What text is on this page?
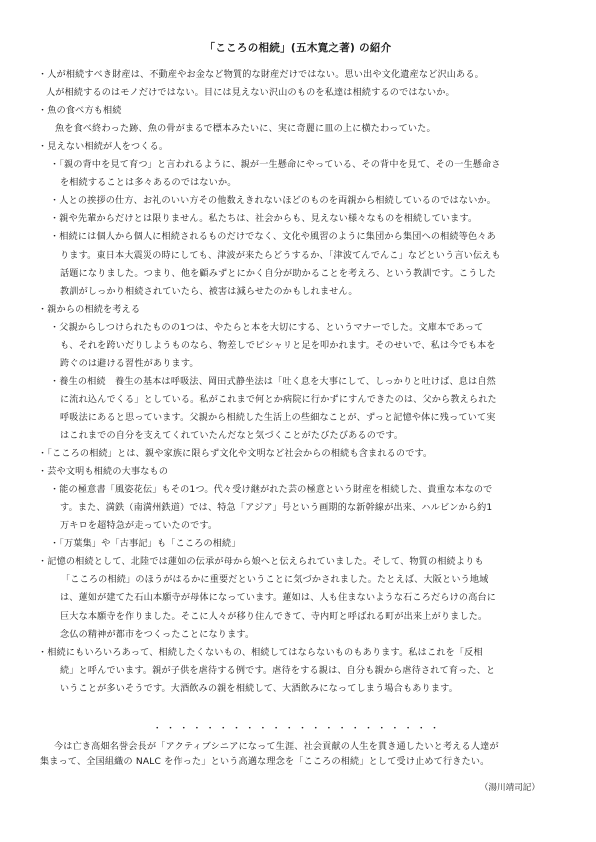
「こころの相続」(五木寛之著) の紹介
・人が相続すべき財産は、不動産やお金など物質的な財産だけではない。思い出や文化遺産など沢山ある。
人が相続するのはモノだけではない。目には見えない沢山のものを私達は相続するのではないか。
・魚の食べ方も相続
魚を食べ終わった跡、魚の骨がまるで標本みたいに、実に奇麗に皿の上に横たわっていた。
・見えない相続が人をつくる。
・「親の背中を見て育つ」と言われるように、親が一生懸命にやっている、その背中を見て、その一生懸命さ
を相続することは多々あるのではないか。
・人との挨拶の仕方、お礼のいい方その他数えきれないほどのものを両親から相続しているのではないか。
・親や先輩からだけとは限りません。私たちは、社会からも、見えない様々なものを相続しています。
・相続には個人から個人に相続されるものだけでなく、文化や風習のように集団から集団への相続等色々あ
ります。東日本大震災の時にしても、津波が来たらどうするか、「津波てんでんこ」などという言い伝えも
話題になりました。つまり、他を顧みずとにかく自分が助かることを考えろ、という教訓です。こうした
教訓がしっかり相続されていたら、被害は減らせたのかもしれません。
・親からの相続を考える
・父親からしつけられたものの1つは、やたらと本を大切にする、というマナーでした。文庫本であって
も、それを跨いだりしようものなら、物差しでピシャリと足を叩かれます。そのせいで、私は今でも本を
跨ぐのは避ける習性があります。
・養生の相続　養生の基本は呼吸法、岡田式静坐法は「吐く息を大事にして、しっかりと吐けば、息は自然
に流れ込んでくる」としている。私がこれまで何とか病院に行かずにすんできたのは、父から教えられた
呼吸法にあると思っています。父親から相続した生活上の些細なことが、ずっと記憶や体に残っていて実
はこれまでの自分を支えてくれていたんだなと気づくことがたびたびあるのです。
・「こころの相続」とは、親や家族に限らず文化や文明など社会からの相続も含まれるのです。
・芸や文明も相続の大事なもの
・能の極意書「風姿花伝」もその1つ。代々受け継がれた芸の極意という財産を相続した、貴重な本なので
す。また、満鉄（南満州鉄道）では、特急「アジア」号という画期的な新幹線が出来、ハルビンから約1
万キロを超特急が走っていたのです。
・「万葉集」や「古事記」も「こころの相続」
・記憶の相続として、北陸では蓮如の伝承が母から娘へと伝えられていました。そして、物質の相続よりも
「こころの相続」のほうがはるかに重要だということに気づかされました。たとえば、大阪という地域
は、蓮如が建てた石山本願寺が母体になっています。蓮如は、人も住まないような石ころだらけの高台に
巨大な本願寺を作りました。そこに人々が移り住んできて、寺内町と呼ばれる町が出来上がりました。
念仏の精神が都市をつくったことになります。
・相続にもいろいろあって、相続したくないもの、相続してはならないものもあります。私はこれを「反相
続」と呼んでいます。親が子供を虐待する例です。虐待をする親は、自分も親から虐待されて育った、と
いうことが多いそうです。大酒飲みの親を相続して、大酒飲みになってしまう場合もあります。
・・・・・・・・・・・・・・・・・・・・・・
今は亡き高畑名誉会長が「アクティブシニアになって生涯、社会貢献の人生を貫き通したいと考える人達が
集まって、全国組織の NALC を作った」という高邁な理念を「こころの相続」として受け止めて行きたい。
（湯川靖司記）
